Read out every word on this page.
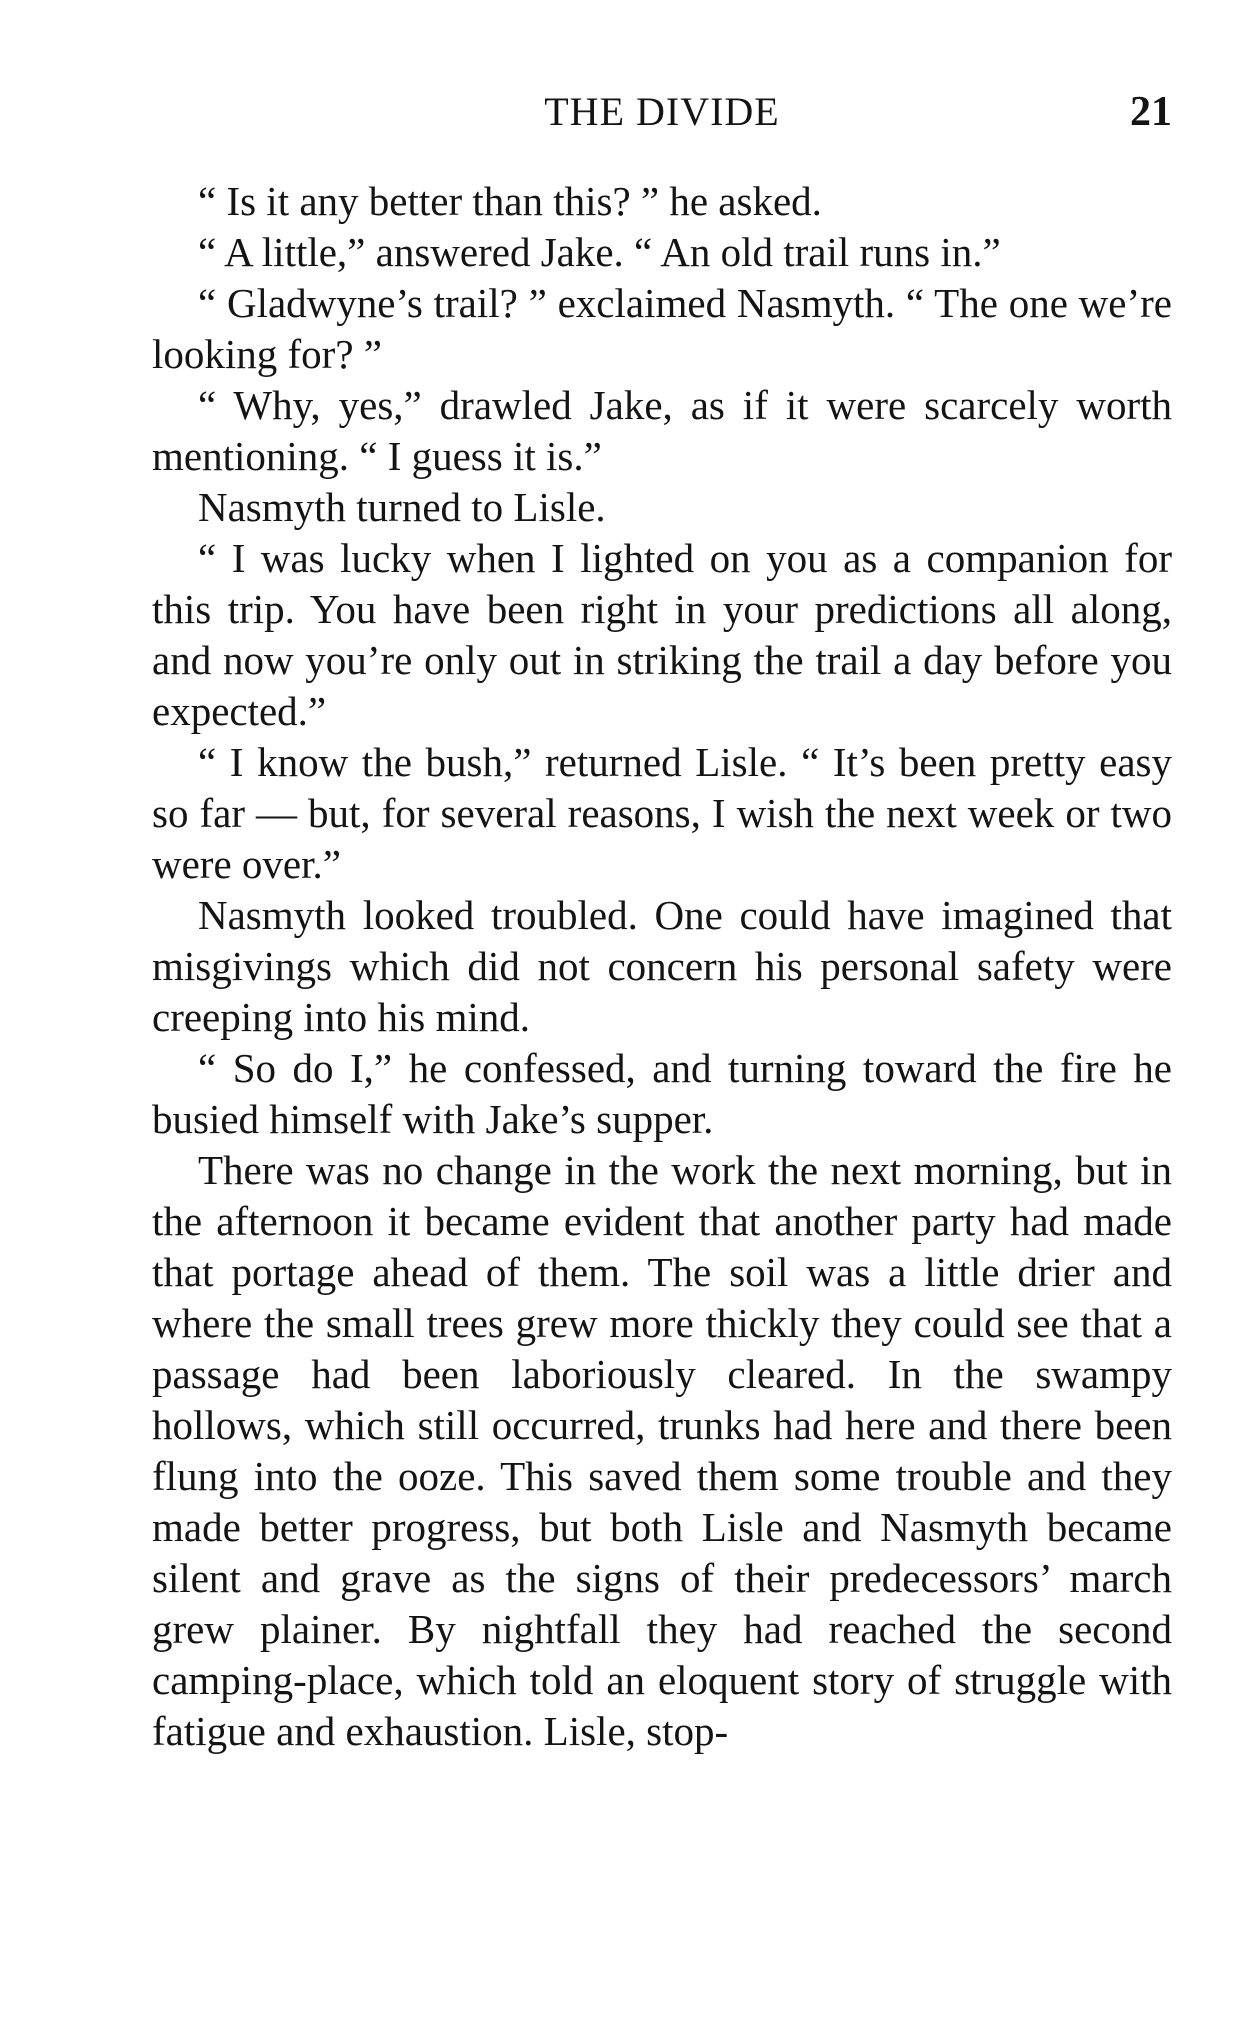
THE DIVIDE	21

“ Is it any better than this? ” he asked.

“ A little,” answered Jake. “ An old trail runs in.”

“ Gladwyne’s trail? ” exclaimed Nasmyth. “ The one we’re looking for? ”

“ Why, yes,” drawled Jake, as if it were scarcely worth mentioning. “ I guess it is.”

Nasmyth turned to Lisle.

“ I was lucky when I lighted on you as a companion for this trip. You have been right in your predictions all along, and now you’re only out in striking the trail a day before you expected.”

“ I know the bush,” returned Lisle. “ It’s been pretty easy so far — but, for several reasons, I wish the next week or two were over.”

Nasmyth looked troubled. One could have imagined that misgivings which did not concern his personal safety were creeping into his mind.

“ So do I,” he confessed, and turning toward the fire he busied himself with Jake’s supper.

There was no change in the work the next morning, but in the afternoon it became evident that another party had made that portage ahead of them. The soil was a little drier and where the small trees grew more thickly they could see that a passage had been laboriously cleared. In the swampy hollows, which still occurred, trunks had here and there been flung into the ooze. This saved them some trouble and they made better progress, but both Lisle and Nasmyth became silent and grave as the signs of their predecessors’ march grew plainer. By nightfall they had reached the second camping-place, which told an eloquent story of struggle with fatigue and exhaustion. Lisle, stop-
